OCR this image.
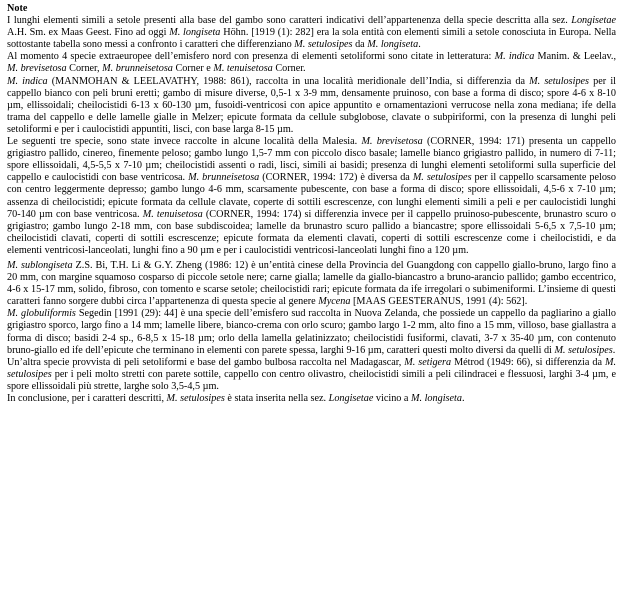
Note

I lunghi elementi simili a setole presenti alla base del gambo sono caratteri indicativi dell’appartenenza della specie descritta alla sez. Longisetae A.H. Sm. ex Maas Geest. Fino ad oggi M. longiseta Höhn. [1919 (1): 282] era la sola entità con elementi simili a setole conosciuta in Europa. Nella sottostante tabella sono messi a confronto i caratteri che differenziano M. setulosipes da M. longiseta.

Al momento 4 specie extraeuropee dell’emisfero nord con presenza di elementi setoliformi sono citate in letteratura: M. indica Manim. & Leelav., M. brevisetosa Corner, M. brunneisetosa Corner e M. tenuisetosa Corner.

M. indica (MANMOHAN & LEELAVATHY, 1988: 861), raccolta in una località meridionale dell’India, si differenzia da M. setulosipes per il cappello bianco con peli bruni eretti; gambo di misure diverse, 0,5-1 x 3-9 mm, densamente pruinoso, con base a forma di disco; spore 4-6 x 8-10 µm, ellissoidali; cheilocistidi 6-13 x 60-130 µm, fusoidi-ventricosi con apice appuntito e ornamentazioni verrucose nella zona mediana; ife della trama del cappello e delle lamelle gialle in Melzer; epicute formata da cellule subglobose, clavate o subpiriformi, con la presenza di lunghi peli setoliformi e per i caulocistidi appuntiti, lisci, con base larga 8-15 µm.

Le seguenti tre specie, sono state invece raccolte in alcune località della Malesia. M. brevisetosa (CORNER, 1994: 171) presenta un cappello grigiastro pallido, cinereo, finemente peloso; gambo lungo 1,5-7 mm con piccolo disco basale; lamelle bianco grigiastro pallido, in numero di 7-11; spore ellissoidali, 4,5-5,5 x 7-10 µm; cheilocistidi assenti o radi, lisci, simili ai basidi; presenza di lunghi elementi setoliformi sulla superficie del cappello e caulocistidi con base ventricosa. M. brunneisetosa (CORNER, 1994: 172) è diversa da M. setulosipes per il cappello scarsamente peloso con centro leggermente depresso; gambo lungo 4-6 mm, scarsamente pubescente, con base a forma di disco; spore ellissoidali, 4,5-6 x 7-10 µm; assenza di cheilocistidi; epicute formata da cellule clavate, coperte di sottili escrescenze, con lunghi elementi simili a peli e per caulocistidi lunghi 70-140 µm con base ventricosa. M. tenuisetosa (CORNER, 1994: 174) si differenzia invece per il cappello pruinoso-pubescente, brunastro scuro o grigiastro; gambo lungo 2-18 mm, con base subdiscoidea; lamelle da brunastro scuro pallido a biancastre; spore ellissoidali 5-6,5 x 7,5-10 µm; cheilocistidi clavati, coperti di sottili escrescenze; epicute formata da elementi clavati, coperti di sottili escrescenze come i cheilocistidi, e da elementi ventricosi-lanceolati, lunghi fino a 90 µm e per i caulocistidi ventricosi-lanceolati lunghi fino a 120 µm.

M. sublongiseta Z.S. Bi, T.H. Li & G.Y. Zheng (1986: 12) è un’entità cinese della Provincia del Guangdong con cappello giallo-bruno, largo fino a 20 mm, con margine squamoso cosparso di piccole setole nere; carne gialla; lamelle da giallo-biancastro a bruno-arancio pallido; gambo eccentrico, 4-6 x 15-17 mm, solido, fibroso, con tomento e scarse setole; cheilocistidi rari; epicute formata da ife irregolari o subimeniformi. L’insieme di questi caratteri fanno sorgere dubbi circa l’appartenenza di questa specie al genere Mycena [MAAS GEESTERANUS, 1991 (4): 562].

M. globuliformis Segedin [1991 (29): 44] è una specie dell’emisfero sud raccolta in Nuova Zelanda, che possiede un cappello da pagliarino a giallo grigiastro sporco, largo fino a 14 mm; lamelle libere, bianco-crema con orlo scuro; gambo largo 1-2 mm, alto fino a 15 mm, villoso, base giallastra a forma di disco; basidi 2-4 sp., 6-8,5 x 15-18 µm; orlo della lamella gelatinizzato; cheilocistidi fusiformi, clavati, 3-7 x 35-40 µm, con contenuto bruno-giallo ed ife dell’epicute che terminano in elementi con parete spessa, larghi 9-16 µm, caratteri questi molto diversi da quelli di M. setulosipes.

Un’altra specie provvista di peli setoliformi e base del gambo bulbosa raccolta nel Madagascar, M. setigera Métrod (1949: 66), si differenzia da M. setulosipes per i peli molto stretti con parete sottile, cappello con centro olivastro, cheilocistidi simili a peli cilindracei e flessuosi, larghi 3-4 µm, e spore ellissoidali più strette, larghe solo 3,5-4,5 µm.

In conclusione, per i caratteri descritti, M. setulosipes è stata inserita nella sez. Longisetae vicino a M. longiseta.
